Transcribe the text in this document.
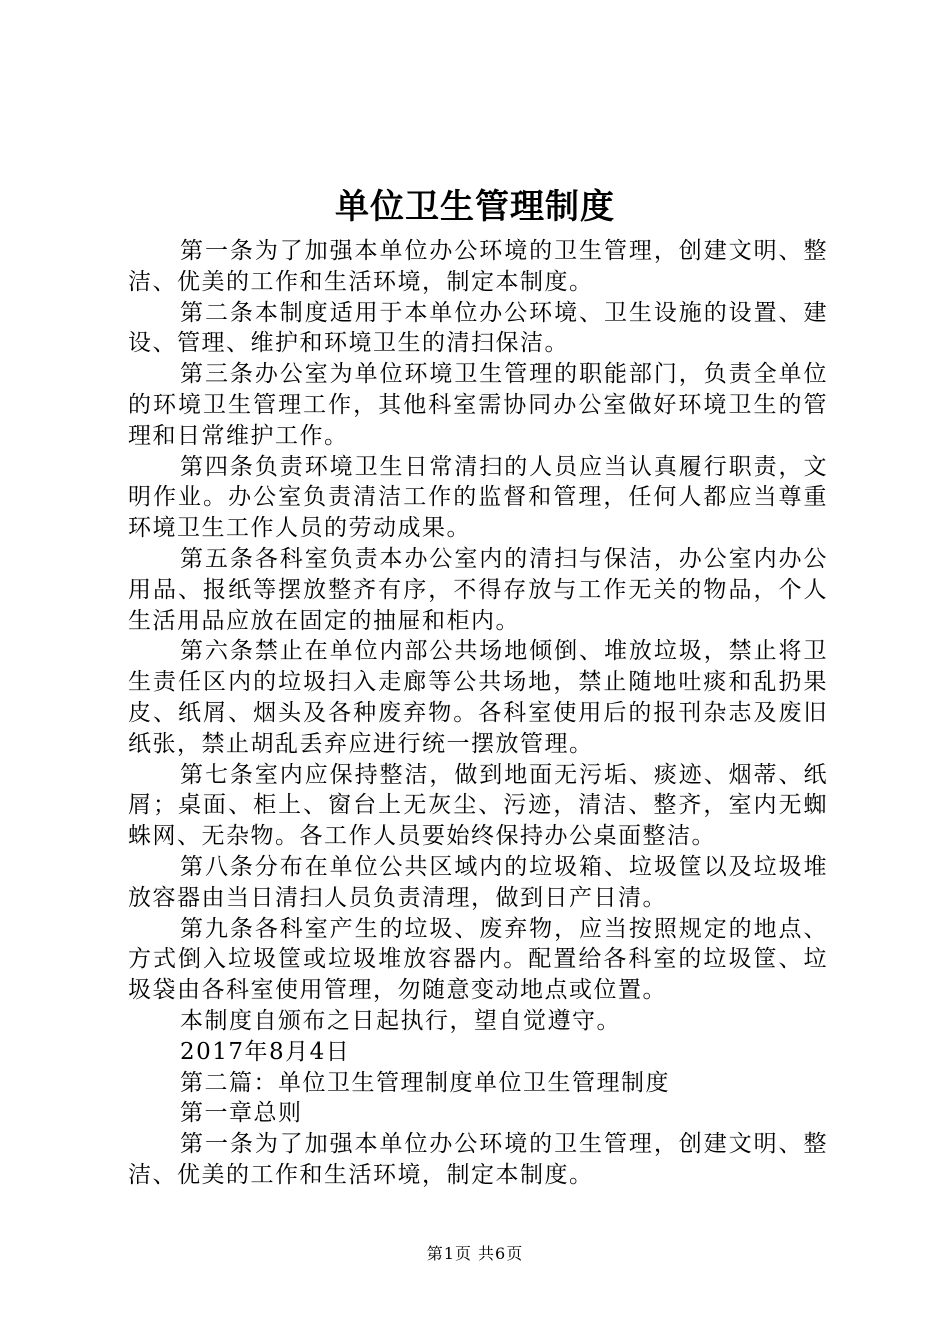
单位卫生管理制度

第一条为了加强本单位办公环境的卫生管理，创建文明、整洁、优美的工作和生活环境，制定本制度。

第二条本制度适用于本单位办公环境、卫生设施的设置、建设、管理、维护和环境卫生的清扫保洁。

第三条办公室为单位环境卫生管理的职能部门，负责全单位的环境卫生管理工作，其他科室需协同办公室做好环境卫生的管理和日常维护工作。

第四条负责环境卫生日常清扫的人员应当认真履行职责，文明作业。办公室负责清洁工作的监督和管理，任何人都应当尊重环境卫生工作人员的劳动成果。

第五条各科室负责本办公室内的清扫与保洁，办公室内办公用品、报纸等摆放整齐有序，不得存放与工作无关的物品，个人生活用品应放在固定的抽屉和柜内。

第六条禁止在单位内部公共场地倾倒、堆放垃圾，禁止将卫生责任区内的垃圾扫入走廊等公共场地，禁止随地吐痰和乱扔果皮、纸屑、烟头及各种废弃物。各科室使用后的报刊杂志及废旧纸张，禁止胡乱丢弃应进行统一摆放管理。

第七条室内应保持整洁，做到地面无污垢、痰迹、烟蒂、纸屑；桌面、柜上、窗台上无灰尘、污迹，清洁、整齐，室内无蜘蛛网、无杂物。各工作人员要始终保持办公桌面整洁。

第八条分布在单位公共区域内的垃圾箱、垃圾筐以及垃圾堆放容器由当日清扫人员负责清理，做到日产日清。

第九条各科室产生的垃圾、废弃物，应当按照规定的地点、方式倒入垃圾筐或垃圾堆放容器内。配置给各科室的垃圾筐、垃圾袋由各科室使用管理，勿随意变动地点或位置。

本制度自颁布之日起执行，望自觉遵守。

2017年8月4日

第二篇：单位卫生管理制度单位卫生管理制度

第一章总则

第一条为了加强本单位办公环境的卫生管理，创建文明、整洁、优美的工作和生活环境，制定本制度。

第1页 共6页
